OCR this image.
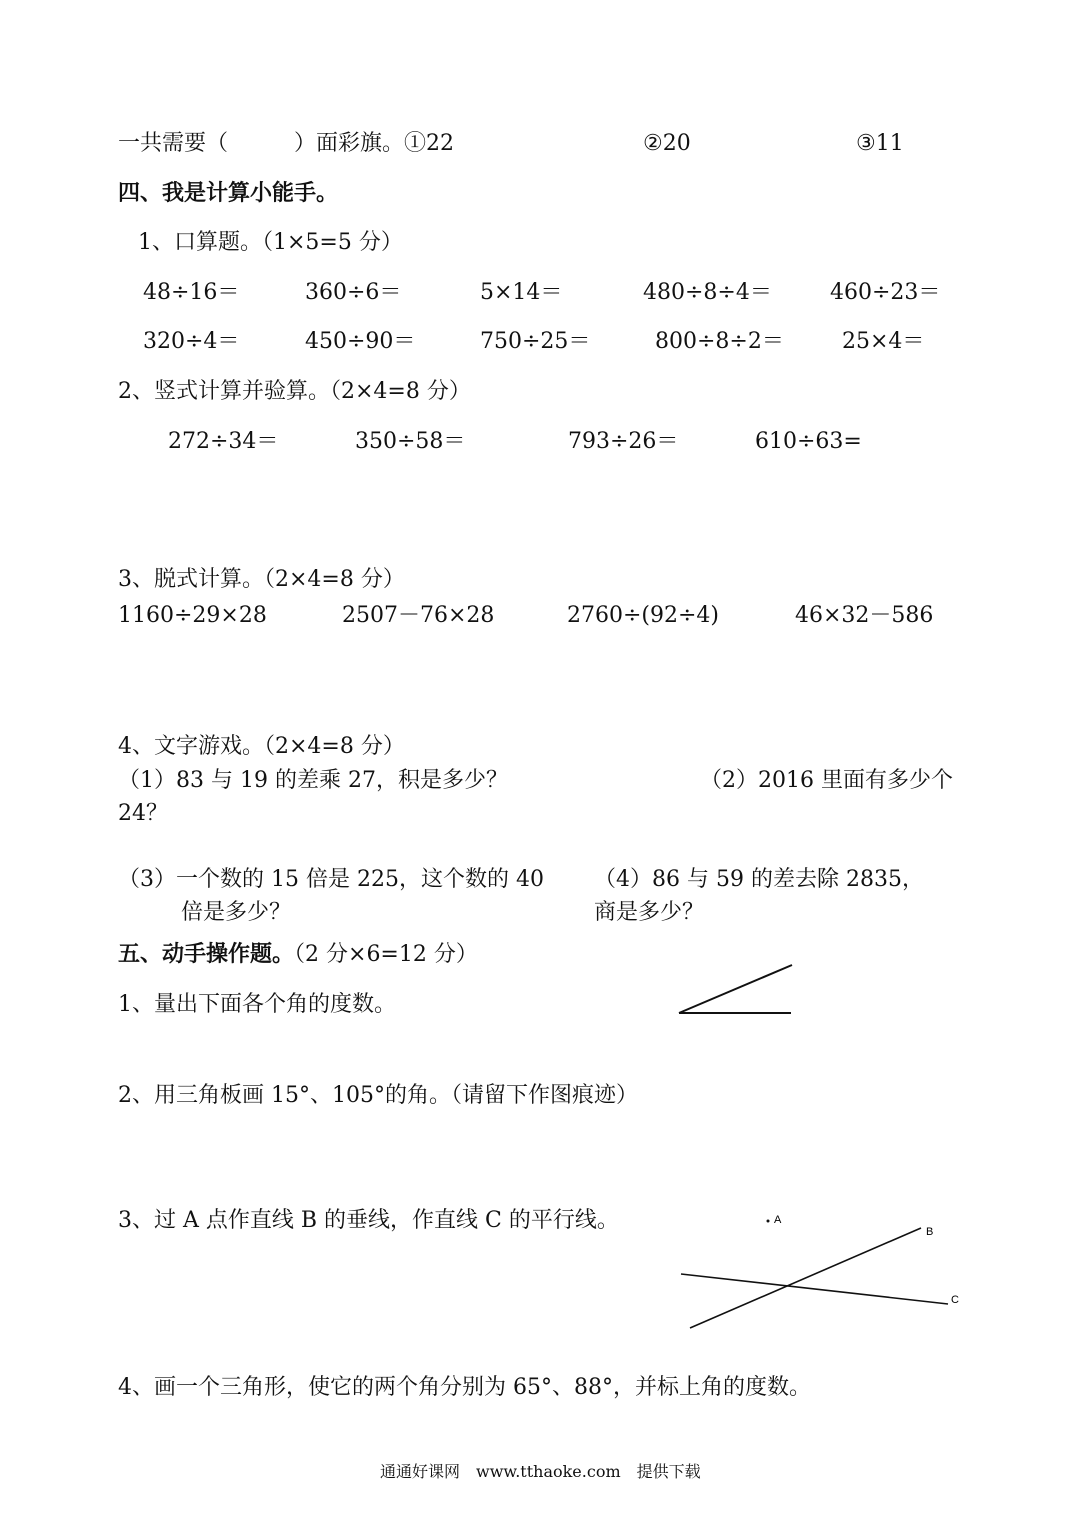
一共需要（　　　）面彩旗。①22	②20	③11
四、我是计算小能手。
1、口算题。（1×5=5 分）
48÷16＝	360÷6＝	5×14＝	480÷8÷4＝	460÷23＝
320÷4＝	450÷90＝	750÷25＝	800÷8÷2＝	25×4＝
2、竖式计算并验算。（2×4=8 分）
272÷34＝	350÷58＝	793÷26＝	610÷63=
3、脱式计算。（2×4=8 分）
1160÷29×28	2507－76×28	2760÷(92÷4)	46×32－586
4、文字游戏。（2×4=8 分）
（1）83 与 19 的差乘 27，积是多少？	（2）2016 里面有多少个
24？
（3）一个数的 15 倍是 225，这个数的 40
倍是多少？
（4）86 与 59 的差去除 2835，
商是多少？
五、动手操作题。（2 分×6=12 分）
1、量出下面各个角的度数。
2、用三角板画 15°、105°的角。（请留下作图痕迹）
3、过 A 点作直线 B 的垂线，作直线 C 的平行线。	A
B
C
4、画一个三角形，使它的两个角分别为 65°、88°，并标上角的度数。
通通好课网　www.tthaoke.com　提供下载
